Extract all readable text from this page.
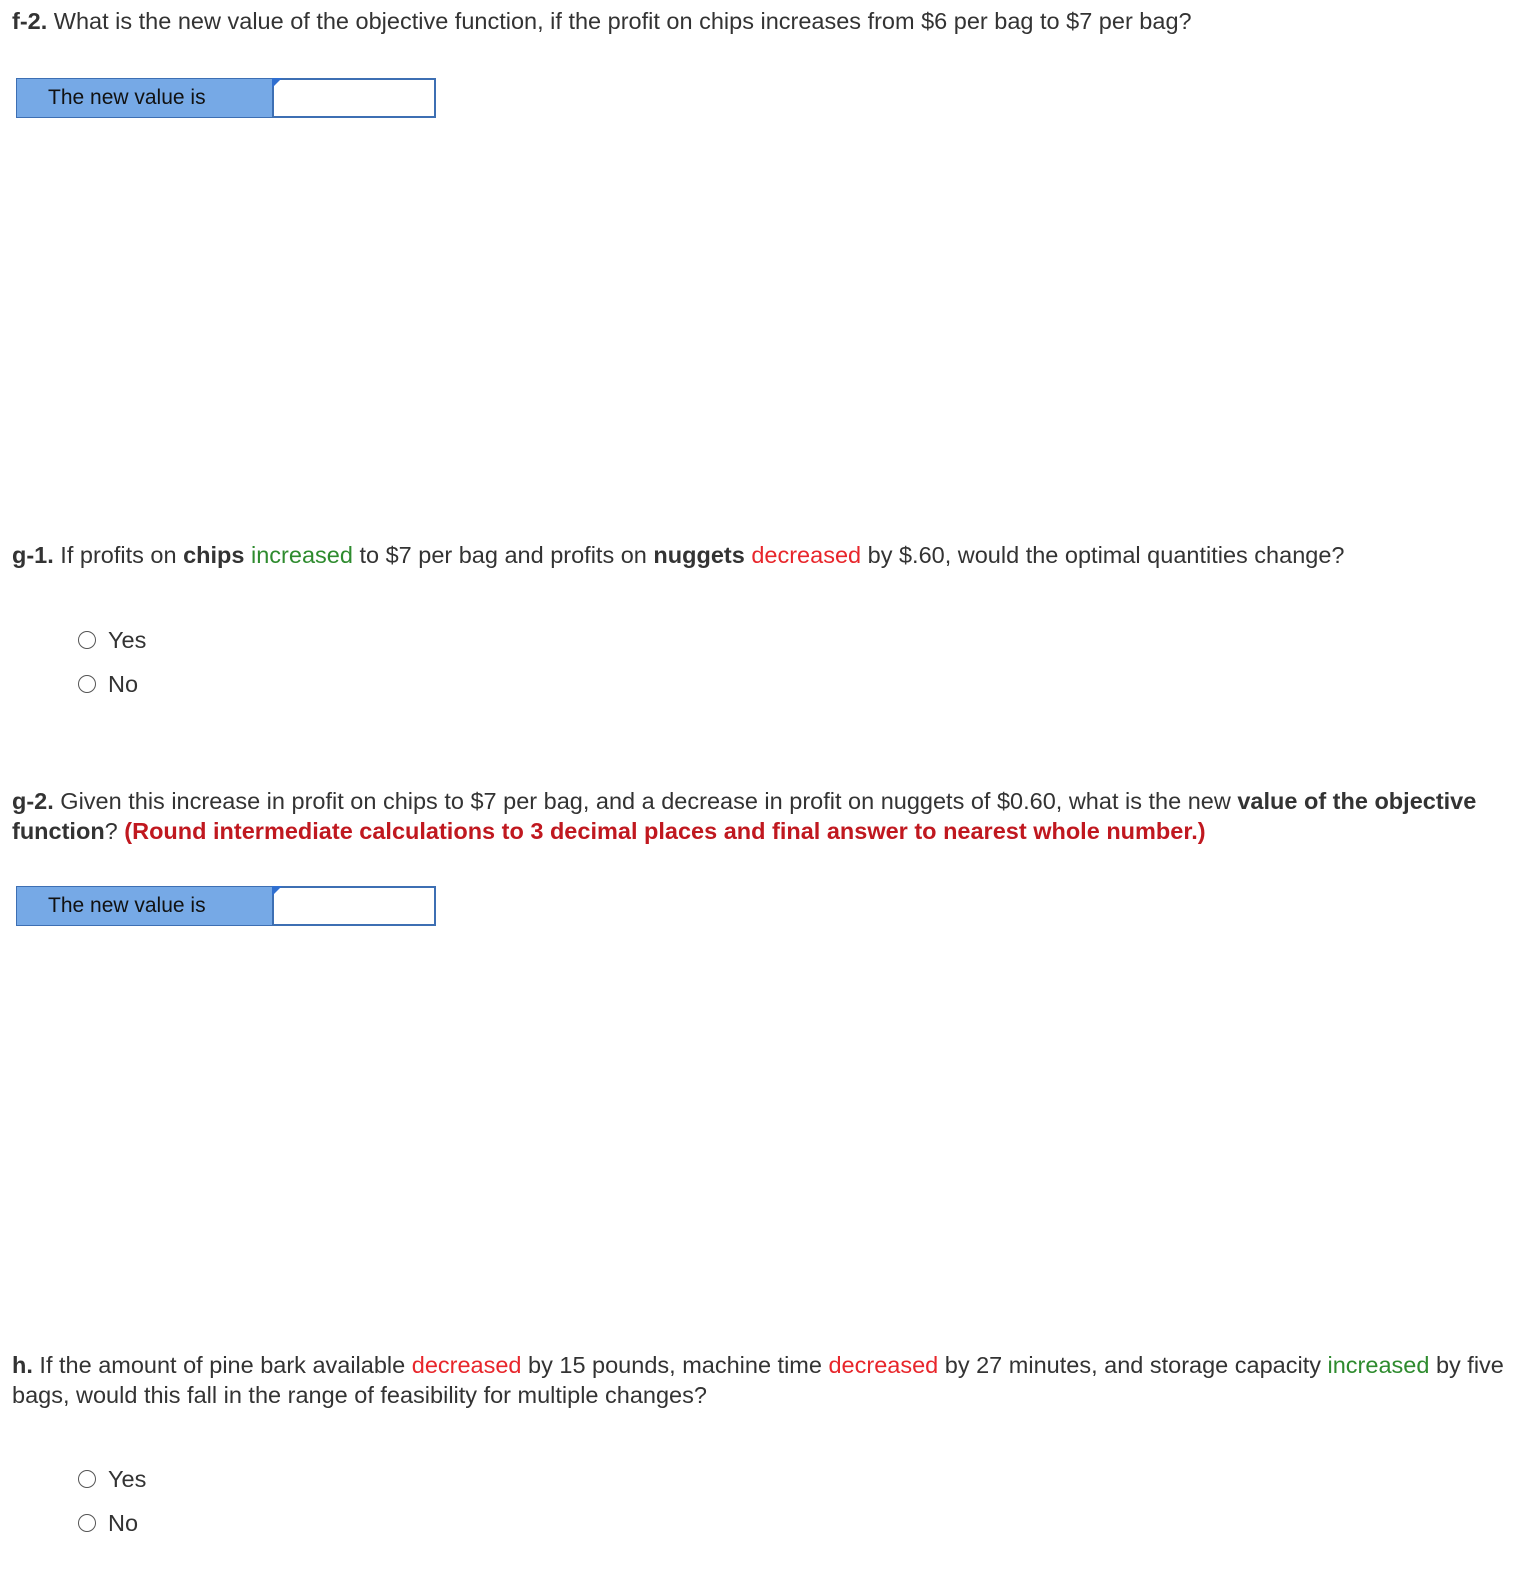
f-2. What is the new value of the objective function, if the profit on chips increases from $6 per bag to $7 per bag?
The new value is
g-1. If profits on chips increased to $7 per bag and profits on nuggets decreased by $.60, would the optimal quantities change?
Yes
No
g-2. Given this increase in profit on chips to $7 per bag, and a decrease in profit on nuggets of $0.60, what is the new value of the objective function? (Round intermediate calculations to 3 decimal places and final answer to nearest whole number.)
The new value is
h. If the amount of pine bark available decreased by 15 pounds, machine time decreased by 27 minutes, and storage capacity increased by five bags, would this fall in the range of feasibility for multiple changes?
Yes
No
